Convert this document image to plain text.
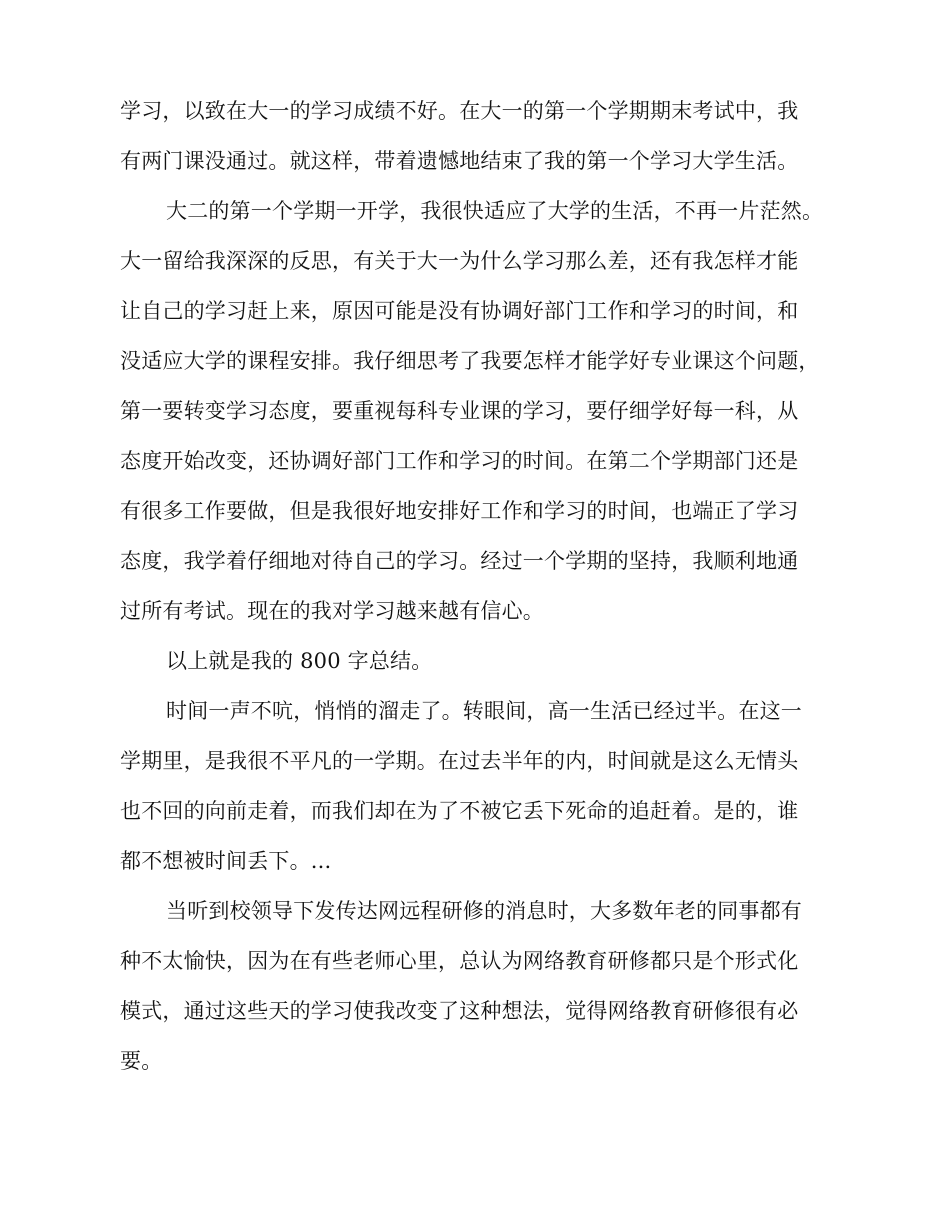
学习，以致在大一的学习成绩不好。在大一的第一个学期期末考试中，我
有两门课没通过。就这样，带着遗憾地结束了我的第一个学习大学生活。
大二的第一个学期一开学，我很快适应了大学的生活，不再一片茫然。
大一留给我深深的反思，有关于大一为什么学习那么差，还有我怎样才能
让自己的学习赶上来，原因可能是没有协调好部门工作和学习的时间，和
没适应大学的课程安排。我仔细思考了我要怎样才能学好专业课这个问题，
第一要转变学习态度，要重视每科专业课的学习，要仔细学好每一科，从
态度开始改变，还协调好部门工作和学习的时间。在第二个学期部门还是
有很多工作要做，但是我很好地安排好工作和学习的时间，也端正了学习
态度，我学着仔细地对待自己的学习。经过一个学期的坚持，我顺利地通
过所有考试。现在的我对学习越来越有信心。
以上就是我的 800 字总结。
时间一声不吭，悄悄的溜走了。转眼间，高一生活已经过半。在这一
学期里，是我很不平凡的一学期。在过去半年的内，时间就是这么无情头
也不回的向前走着，而我们却在为了不被它丢下死命的追赶着。是的，谁
都不想被时间丢下。...
当听到校领导下发传达网远程研修的消息时，大多数年老的同事都有
种不太愉快，因为在有些老师心里，总认为网络教育研修都只是个形式化
模式，通过这些天的学习使我改变了这种想法，觉得网络教育研修很有必
要。
